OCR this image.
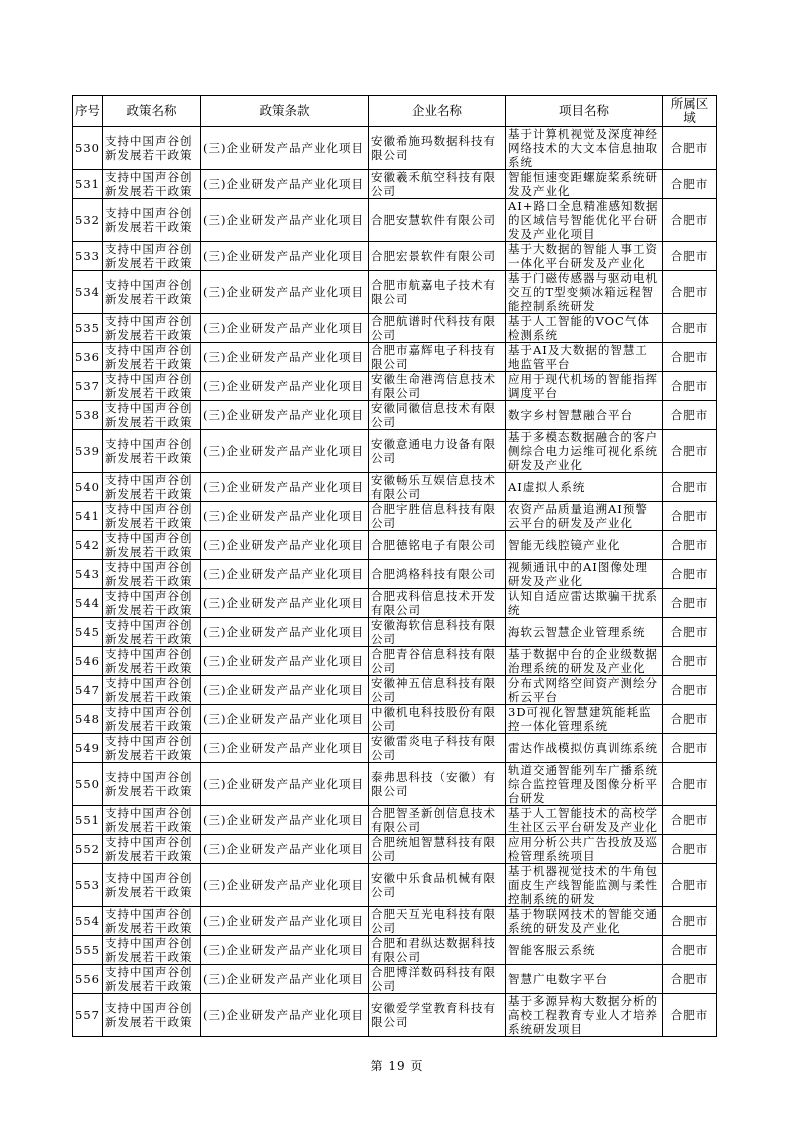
序号	政策名称	政策条款	企业名称	项目名称	所属区域
530	支持中国声谷创新发展若干政策	(三)企业研发产品产业化项目	安徽希施玛数据科技有限公司	基于计算机视觉及深度神经网络技术的大文本信息抽取系统	合肥市
531	支持中国声谷创新发展若干政策	(三)企业研发产品产业化项目	安徽羲禾航空科技有限公司	智能恒速变距螺旋桨系统研发及产业化	合肥市
532	支持中国声谷创新发展若干政策	(三)企业研发产品产业化项目	合肥安慧软件有限公司	AI+路口全息精准感知数据的区域信号智能优化平台研发及产业化项目	合肥市
533	支持中国声谷创新发展若干政策	(三)企业研发产品产业化项目	合肥宏景软件有限公司	基于大数据的智能人事工资一体化平台研发及产业化	合肥市
534	支持中国声谷创新发展若干政策	(三)企业研发产品产业化项目	合肥市航嘉电子技术有限公司	基于门磁传感器与驱动电机交互的T型变频冰箱远程智能控制系统研发	合肥市
535	支持中国声谷创新发展若干政策	(三)企业研发产品产业化项目	合肥航谱时代科技有限公司	基于人工智能的VOC气体检测系统	合肥市
536	支持中国声谷创新发展若干政策	(三)企业研发产品产业化项目	合肥市嘉辉电子科技有限公司	基于AI及大数据的智慧工地监管平台	合肥市
537	支持中国声谷创新发展若干政策	(三)企业研发产品产业化项目	安徽生命港湾信息技术有限公司	应用于现代机场的智能指挥调度平台	合肥市
538	支持中国声谷创新发展若干政策	(三)企业研发产品产业化项目	安徽同徽信息技术有限公司	数字乡村智慧融合平台	合肥市
539	支持中国声谷创新发展若干政策	(三)企业研发产品产业化项目	安徽意通电力设备有限公司	基于多模态数据融合的客户侧综合电力运维可视化系统研发及产业化	合肥市
540	支持中国声谷创新发展若干政策	(三)企业研发产品产业化项目	安徽畅乐互娱信息技术有限公司	AI虚拟人系统	合肥市
541	支持中国声谷创新发展若干政策	(三)企业研发产品产业化项目	合肥宇胜信息科技有限公司	农资产品质量追溯AI预警云平台的研发及产业化	合肥市
542	支持中国声谷创新发展若干政策	(三)企业研发产品产业化项目	合肥德铭电子有限公司	智能无线腔镜产业化	合肥市
543	支持中国声谷创新发展若干政策	(三)企业研发产品产业化项目	合肥鸿格科技有限公司	视频通讯中的AI图像处理研发及产业化	合肥市
544	支持中国声谷创新发展若干政策	(三)企业研发产品产业化项目	合肥戎科信息技术开发有限公司	认知自适应雷达欺骗干扰系统	合肥市
545	支持中国声谷创新发展若干政策	(三)企业研发产品产业化项目	安徽海软信息科技有限公司	海软云智慧企业管理系统	合肥市
546	支持中国声谷创新发展若干政策	(三)企业研发产品产业化项目	合肥青谷信息科技有限公司	基于数据中台的企业级数据治理系统的研发及产业化	合肥市
547	支持中国声谷创新发展若干政策	(三)企业研发产品产业化项目	安徽神五信息科技有限公司	分布式网络空间资产测绘分析云平台	合肥市
548	支持中国声谷创新发展若干政策	(三)企业研发产品产业化项目	中徽机电科技股份有限公司	3D可视化智慧建筑能耗监控一体化管理系统	合肥市
549	支持中国声谷创新发展若干政策	(三)企业研发产品产业化项目	安徽雷炎电子科技有限公司	雷达作战模拟仿真训练系统	合肥市
550	支持中国声谷创新发展若干政策	(三)企业研发产品产业化项目	泰弗思科技（安徽）有限公司	轨道交通智能列车广播系统综合监控管理及图像分析平台研发	合肥市
551	支持中国声谷创新发展若干政策	(三)企业研发产品产业化项目	合肥智圣新创信息技术有限公司	基于人工智能技术的高校学生社区云平台研发及产业化	合肥市
552	支持中国声谷创新发展若干政策	(三)企业研发产品产业化项目	合肥统旭智慧科技有限公司	应用分析公共广告投放及巡检管理系统项目	合肥市
553	支持中国声谷创新发展若干政策	(三)企业研发产品产业化项目	安徽中乐食品机械有限公司	基于机器视觉技术的牛角包面皮生产线智能监测与柔性控制系统的研发	合肥市
554	支持中国声谷创新发展若干政策	(三)企业研发产品产业化项目	合肥天互光电科技有限公司	基于物联网技术的智能交通系统的研发及产业化	合肥市
555	支持中国声谷创新发展若干政策	(三)企业研发产品产业化项目	合肥和君纵达数据科技有限公司	智能客服云系统	合肥市
556	支持中国声谷创新发展若干政策	(三)企业研发产品产业化项目	合肥博洋数码科技有限公司	智慧广电数字平台	合肥市
557	支持中国声谷创新发展若干政策	(三)企业研发产品产业化项目	安徽爱学堂教育科技有限公司	基于多源异构大数据分析的高校工程教育专业人才培养系统研发项目	合肥市
第 19 页
